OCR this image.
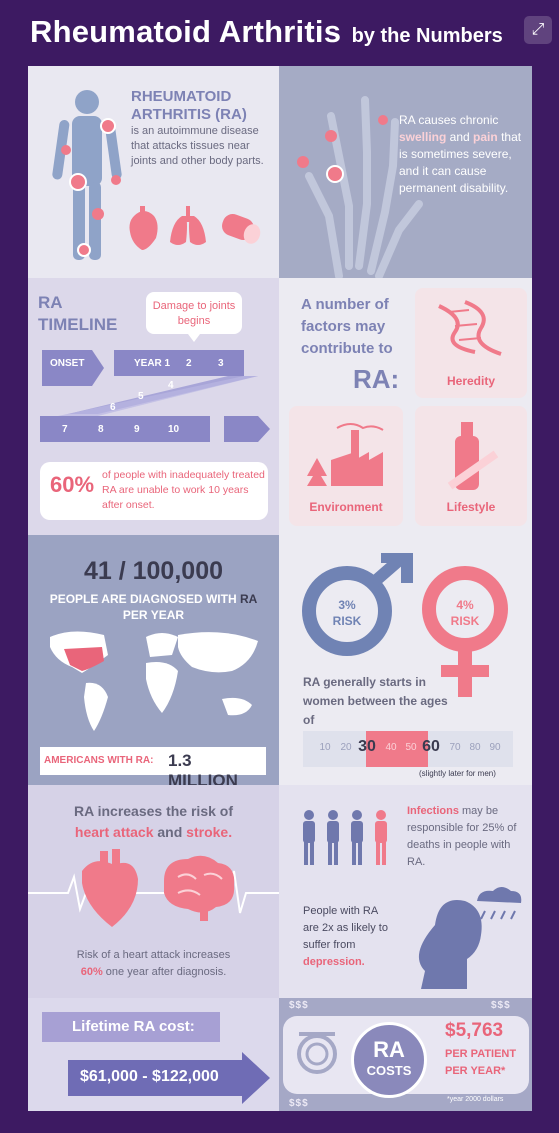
Rheumatoid Arthritis by the Numbers	⤢
RHEUMATOID ARTHRITIS (RA)
is an autoimmune disease that attacks tissues near joints and other body parts.
RA causes chronic swelling and pain that is sometimes severe, and it can cause permanent disability.
RA
TIMELINE
Damage to joints begins
ONSET	YEAR 1 2	3
4
5
6
7	8	9	10
60% of people with inadequately treated RA are unable to work 10 years after onset.
A number of factors may contribute to
RA:	Heredity
Environment	Lifestyle
41 / 100,000
PEOPLE ARE DIAGNOSED WITH RA
PER YEAR
AMERICANS WITH RA: 1.3 MILLION
3%
RISK
4%
RISK
RA generally starts in women between the ages of
10 20 30 40 50 60 70 80 90
(slightly later for men)
RA increases the risk of
heart attack and stroke.
Risk of a heart attack increases
60% one year after diagnosis.
Infections may be responsible for 25% of deaths in people with RA.
People with RA are 2x as likely to suffer from depression.
Lifetime RA cost:
$61,000 - $122,000
$$$	$$$
$$$
RA
COSTS
$5,763
PER PATIENT
PER YEAR*
*year 2000 dollars
